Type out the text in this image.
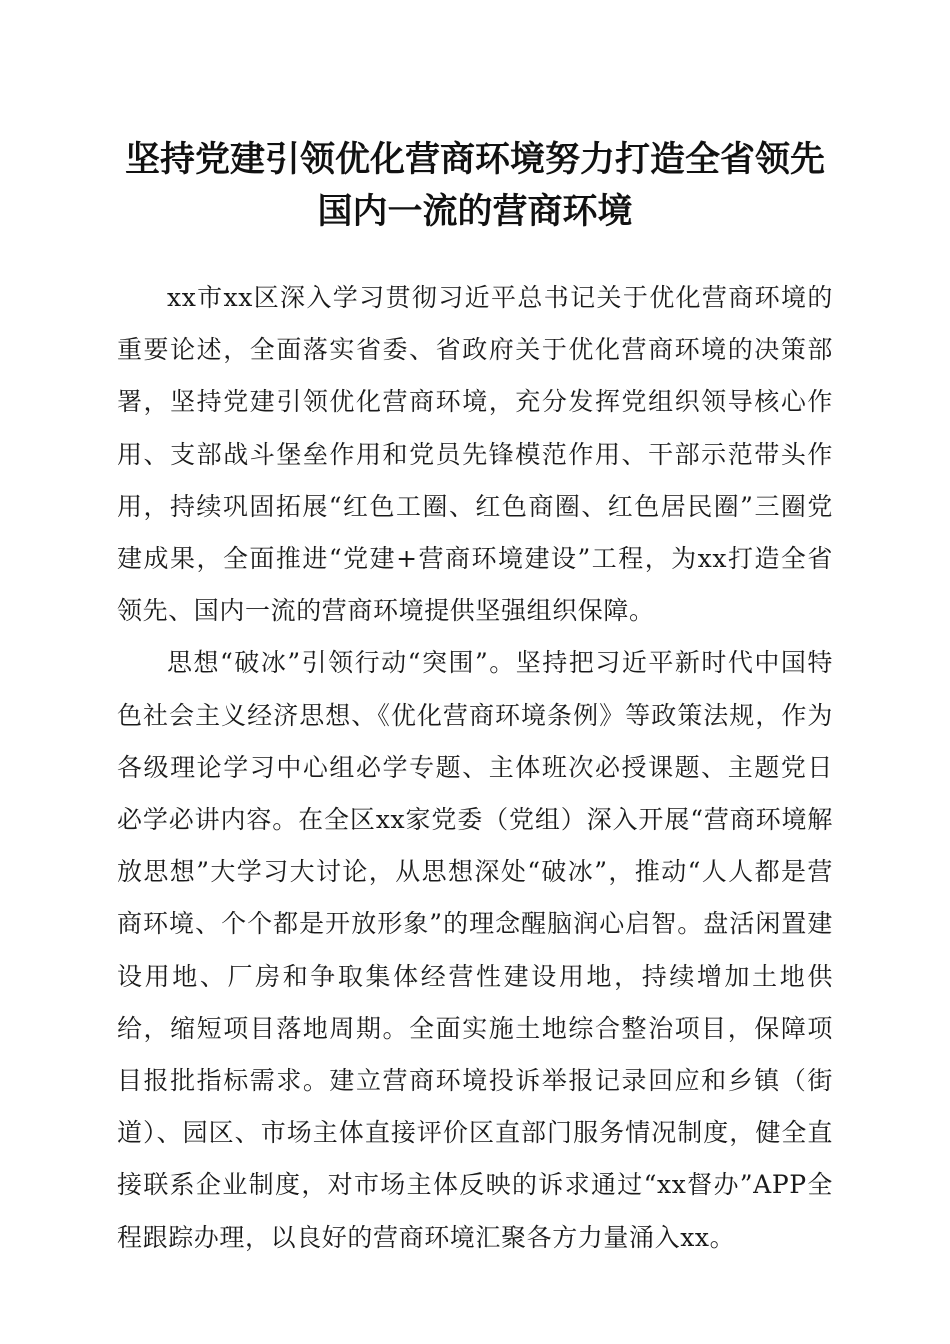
坚持党建引领优化营商环境努力打造全省领先
国内一流的营商环境

xx市xx区深入学习贯彻习近平总书记关于优化营商环境的重要论述，全面落实省委、省政府关于优化营商环境的决策部署，坚持党建引领优化营商环境，充分发挥党组织领导核心作用、支部战斗堡垒作用和党员先锋模范作用、干部示范带头作用，持续巩固拓展“红色工圈、红色商圈、红色居民圈”三圈党建成果，全面推进“党建+营商环境建设”工程，为xx打造全省领先、国内一流的营商环境提供坚强组织保障。

思想“破冰”引领行动“突围”。坚持把习近平新时代中国特色社会主义经济思想、《优化营商环境条例》等政策法规，作为各级理论学习中心组必学专题、主体班次必授课题、主题党日必学必讲内容。在全区xx家党委（党组）深入开展“营商环境解放思想”大学习大讨论，从思想深处“破冰”，推动“人人都是营商环境、个个都是开放形象”的理念醒脑润心启智。盘活闲置建设用地、厂房和争取集体经营性建设用地，持续增加土地供给，缩短项目落地周期。全面实施土地综合整治项目，保障项目报批指标需求。建立营商环境投诉举报记录回应和乡镇（街道）、园区、市场主体直接评价区直部门服务情况制度，健全直接联系企业制度，对市场主体反映的诉求通过“xx督办”APP全程跟踪办理，以良好的营商环境汇聚各方力量涌入xx。
